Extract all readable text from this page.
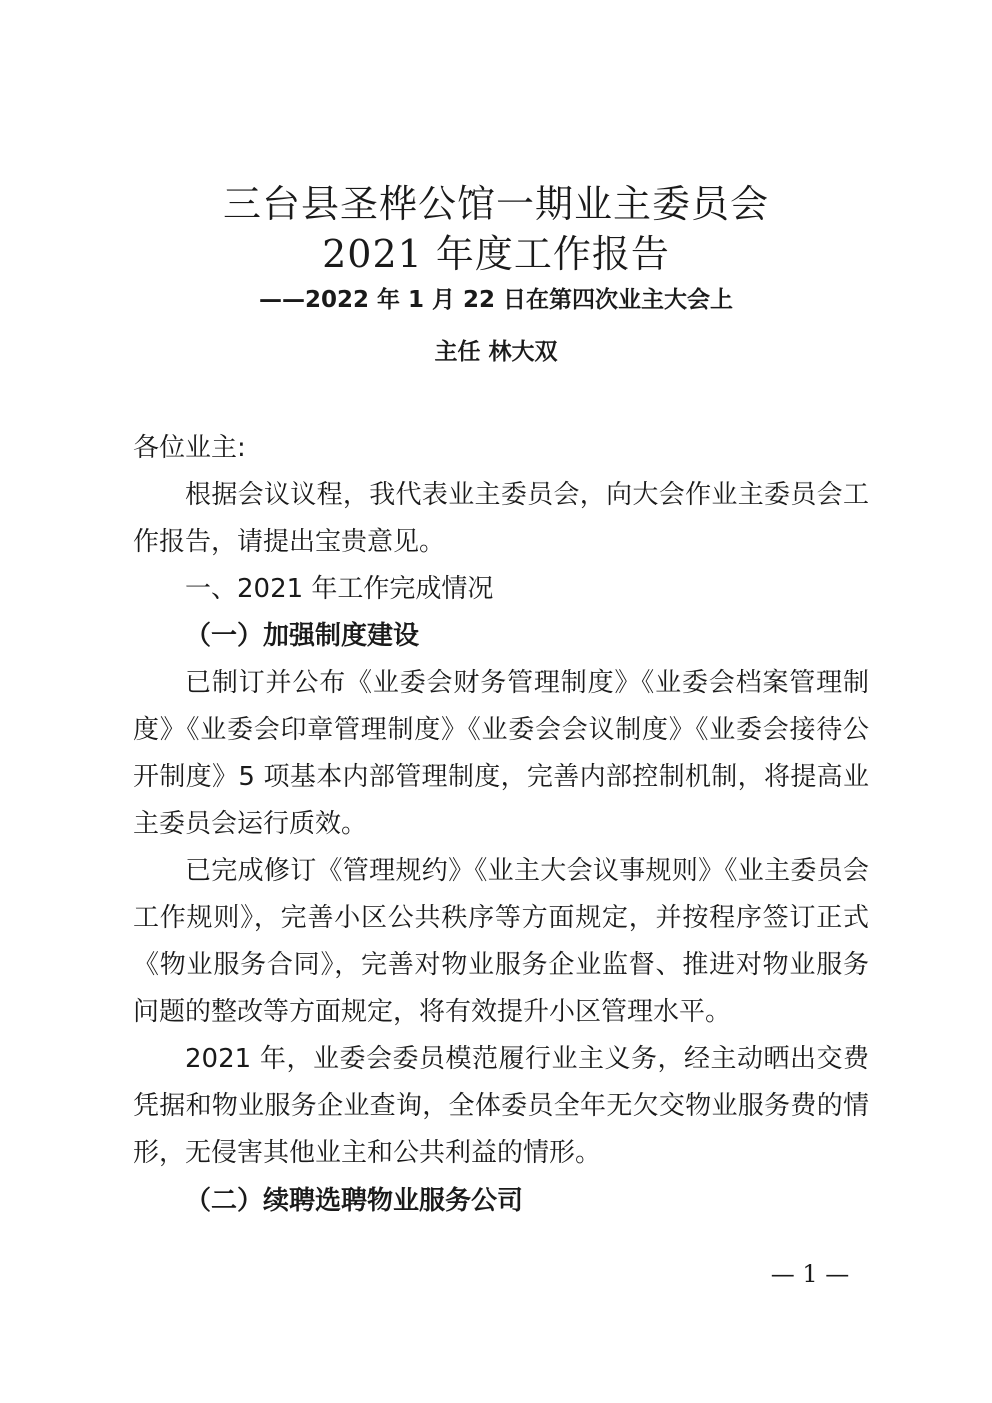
三台县圣桦公馆一期业主委员会
2021 年度工作报告
——2022 年 1 月 22 日在第四次业主大会上
主任 林大双
各位业主:
根据会议议程，我代表业主委员会，向大会作业主委员会工作报告，请提出宝贵意见。
一、2021 年工作完成情况
（一）加强制度建设
已制订并公布《业委会财务管理制度》《业委会档案管理制度》《业委会印章管理制度》《业委会会议制度》《业委会接待公开制度》5 项基本内部管理制度，完善内部控制机制，将提高业主委员会运行质效。
已完成修订《管理规约》《业主大会议事规则》《业主委员会工作规则》，完善小区公共秩序等方面规定，并按程序签订正式《物业服务合同》，完善对物业服务企业监督、推进对物业服务问题的整改等方面规定，将有效提升小区管理水平。
2021 年，业委会委员模范履行业主义务，经主动晒出交费凭据和物业服务企业查询，全体委员全年无欠交物业服务费的情形，无侵害其他业主和公共利益的情形。
（二）续聘选聘物业服务公司
— 1 —
